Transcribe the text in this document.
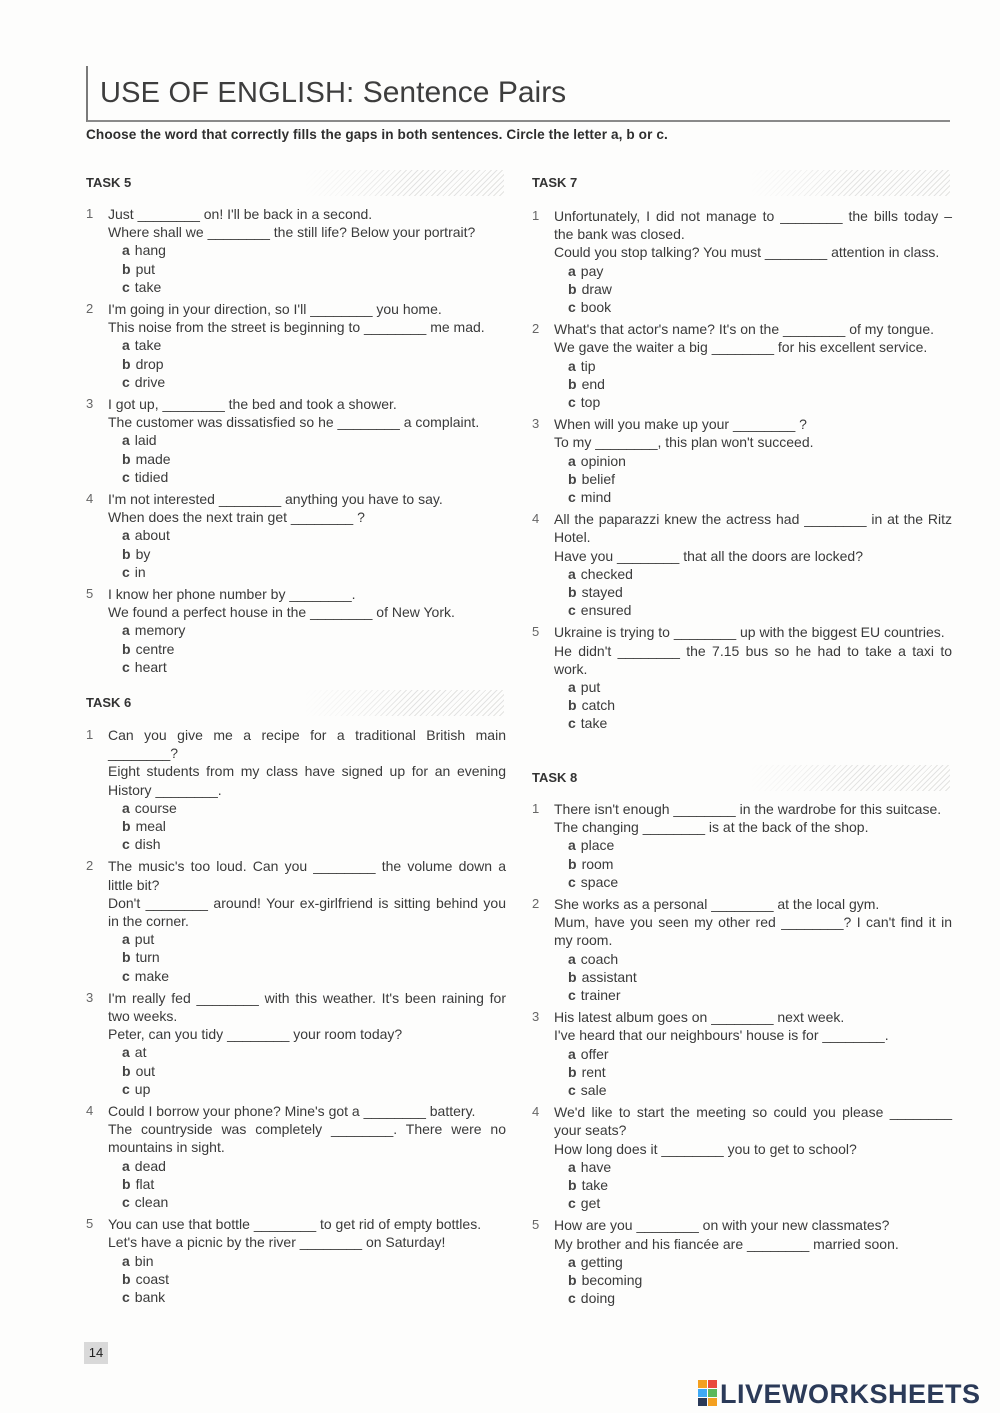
USE OF ENGLISH: Sentence Pairs
Choose the word that correctly fills the gaps in both sentences. Circle the letter a, b or c.
TASK 5
1	Just ________ on! I'll be back in a second.
Where shall we ________ the still life? Below your portrait?
a hang
b put
c take
2	I'm going in your direction, so I'll ________ you home.
This noise from the street is beginning to ________ me mad.
a take
b drop
c drive
3	I got up, ________ the bed and took a shower.
The customer was dissatisfied so he ________ a complaint.
a laid
b made
c tidied
4	I'm not interested ________ anything you have to say.
When does the next train get ________ ?
a about
b by
c in
5	I know her phone number by ________.
We found a perfect house in the ________ of New York.
a memory
b centre
c heart
TASK 6
1	Can you give me a recipe for a traditional British main ________?
Eight students from my class have signed up for an evening History ________.
a course
b meal
c dish
2	The music's too loud. Can you ________ the volume down a little bit?
Don't ________ around! Your ex-girlfriend is sitting behind you in the corner.
a put
b turn
c make
3	I'm really fed ________ with this weather. It's been raining for two weeks.
Peter, can you tidy ________ your room today?
a at
b out
c up
4	Could I borrow your phone? Mine's got a ________ battery.
The countryside was completely ________. There were no mountains in sight.
a dead
b flat
c clean
5	You can use that bottle ________ to get rid of empty bottles.
Let's have a picnic by the river ________ on Saturday!
a bin
b coast
c bank
TASK 7
1	Unfortunately, I did not manage to ________ the bills today – the bank was closed.
Could you stop talking? You must ________ attention in class.
a pay
b draw
c book
2	What's that actor's name? It's on the ________ of my tongue.
We gave the waiter a big ________ for his excellent service.
a tip
b end
c top
3	When will you make up your ________ ?
To my ________, this plan won't succeed.
a opinion
b belief
c mind
4	All the paparazzi knew the actress had ________ in at the Ritz Hotel.
Have you ________ that all the doors are locked?
a checked
b stayed
c ensured
5	Ukraine is trying to ________ up with the biggest EU countries.
He didn't ________ the 7.15 bus so he had to take a taxi to work.
a put
b catch
c take
TASK 8
1	There isn't enough ________ in the wardrobe for this suitcase.
The changing ________ is at the back of the shop.
a place
b room
c space
2	She works as a personal ________ at the local gym.
Mum, have you seen my other red ________? I can't find it in my room.
a coach
b assistant
c trainer
3	His latest album goes on ________ next week.
I've heard that our neighbours' house is for ________.
a offer
b rent
c sale
4	We'd like to start the meeting so could you please ________ your seats?
How long does it ________ you to get to school?
a have
b take
c get
5	How are you ________ on with your new classmates?
My brother and his fiancée are ________ married soon.
a getting
b becoming
c doing
14
LIVEWORKSHEETS
